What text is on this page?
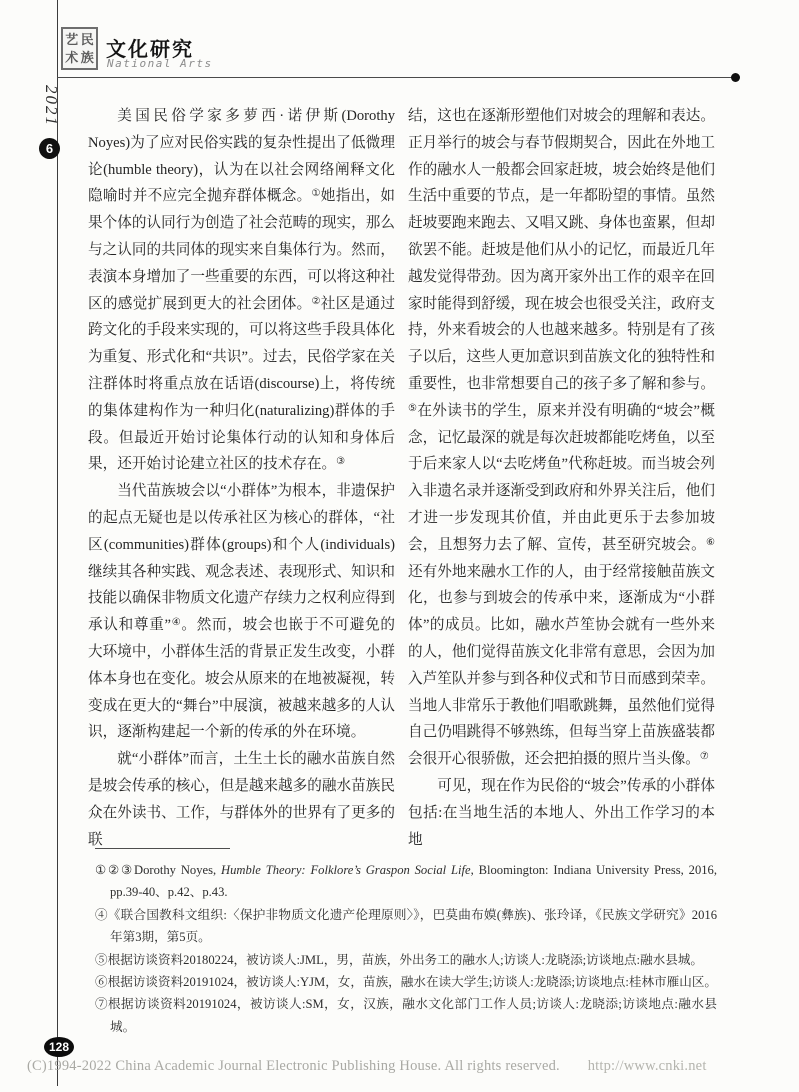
艺 民
术 族 文化研究
National Arts
2021
6

美国民俗学家多萝西·诺伊斯(Dorothy Noyes)为了应对民俗实践的复杂性提出了低微理论(humble theory)，认为在以社会网络阐释文化隐喻时并不应完全抛弃群体概念。①她指出，如果个体的认同行为创造了社会范畴的现实，那么与之认同的共同体的现实来自集体行为。然而，表演本身增加了一些重要的东西，可以将这种社区的感觉扩展到更大的社会团体。②社区是通过跨文化的手段来实现的，可以将这些手段具体化为重复、形式化和“共识”。过去，民俗学家在关注群体时将重点放在话语(discourse)上，将传统的集体建构作为一种归化(naturalizing)群体的手段。但最近开始讨论集体行动的认知和身体后果，还开始讨论建立社区的技术存在。③

当代苗族坡会以“小群体”为根本，非遗保护的起点无疑也是以传承社区为核心的群体，“社区(communities)群体(groups)和个人(individuals)继续其各种实践、观念表述、表现形式、知识和技能以确保非物质文化遗产存续力之权利应得到承认和尊重”④。然而，坡会也嵌于不可避免的大环境中，小群体生活的背景正发生改变，小群体本身也在变化。坡会从原来的在地被凝视，转变成在更大的“舞台”中展演，被越来越多的人认识，逐渐构建起一个新的传承的外在环境。

就“小群体”而言，土生土长的融水苗族自然是坡会传承的核心，但是越来越多的融水苗族民众在外读书、工作，与群体外的世界有了更多的联

结，这也在逐渐形塑他们对坡会的理解和表达。正月举行的坡会与春节假期契合，因此在外地工作的融水人一般都会回家赶坡，坡会始终是他们生活中重要的节点，是一年都盼望的事情。虽然赶坡要跑来跑去、又唱又跳、身体也蛮累，但却欲罢不能。赶坡是他们从小的记忆，而最近几年越发觉得带劲。因为离开家外出工作的艰辛在回家时能得到舒缓，现在坡会也很受关注，政府支持，外来看坡会的人也越来越多。特别是有了孩子以后，这些人更加意识到苗族文化的独特性和重要性，也非常想要自己的孩子多了解和参与。⑤在外读书的学生，原来并没有明确的“坡会”概念，记忆最深的就是每次赶坡都能吃烤鱼，以至于后来家人以“去吃烤鱼”代称赶坡。而当坡会列入非遗名录并逐渐受到政府和外界关注后，他们才进一步发现其价值，并由此更乐于去参加坡会，且想努力去了解、宣传，甚至研究坡会。⑥还有外地来融水工作的人，由于经常接触苗族文化，也参与到坡会的传承中来，逐渐成为“小群体”的成员。比如，融水芦笙协会就有一些外来的人，他们觉得苗族文化非常有意思，会因为加入芦笙队并参与到各种仪式和节日而感到荣幸。当地人非常乐于教他们唱歌跳舞，虽然他们觉得自己仍唱跳得不够熟练，但每当穿上苗族盛装都会很开心很骄傲，还会把拍摄的照片当头像。⑦

可见，现在作为民俗的“坡会”传承的小群体包括:在当地生活的本地人、外出工作学习的本地

①②③Dorothy Noyes, Humble Theory: Folklore’s Graspon Social Life, Bloomington: Indiana University Press, 2016, pp.39-40、p.42、p.43.

④《联合国教科文组织:〈保护非物质文化遗产伦理原则〉》，巴莫曲布嫫(彝族)、张玲译，《民族文学研究》2016年第3期，第5页。

⑤根据访谈资料20180224，被访谈人:JML，男，苗族，外出务工的融水人;访谈人:龙晓添;访谈地点:融水县城。

⑥根据访谈资料20191024，被访谈人:YJM，女，苗族，融水在读大学生;访谈人:龙晓添;访谈地点:桂林市雁山区。

⑦根据访谈资料20191024，被访谈人:SM，女，汉族，融水文化部门工作人员;访谈人:龙晓添;访谈地点:融水县城。

128
(C)1994-2022 China Academic Journal Electronic Publishing House. All rights reserved. http://www.cnki.net
